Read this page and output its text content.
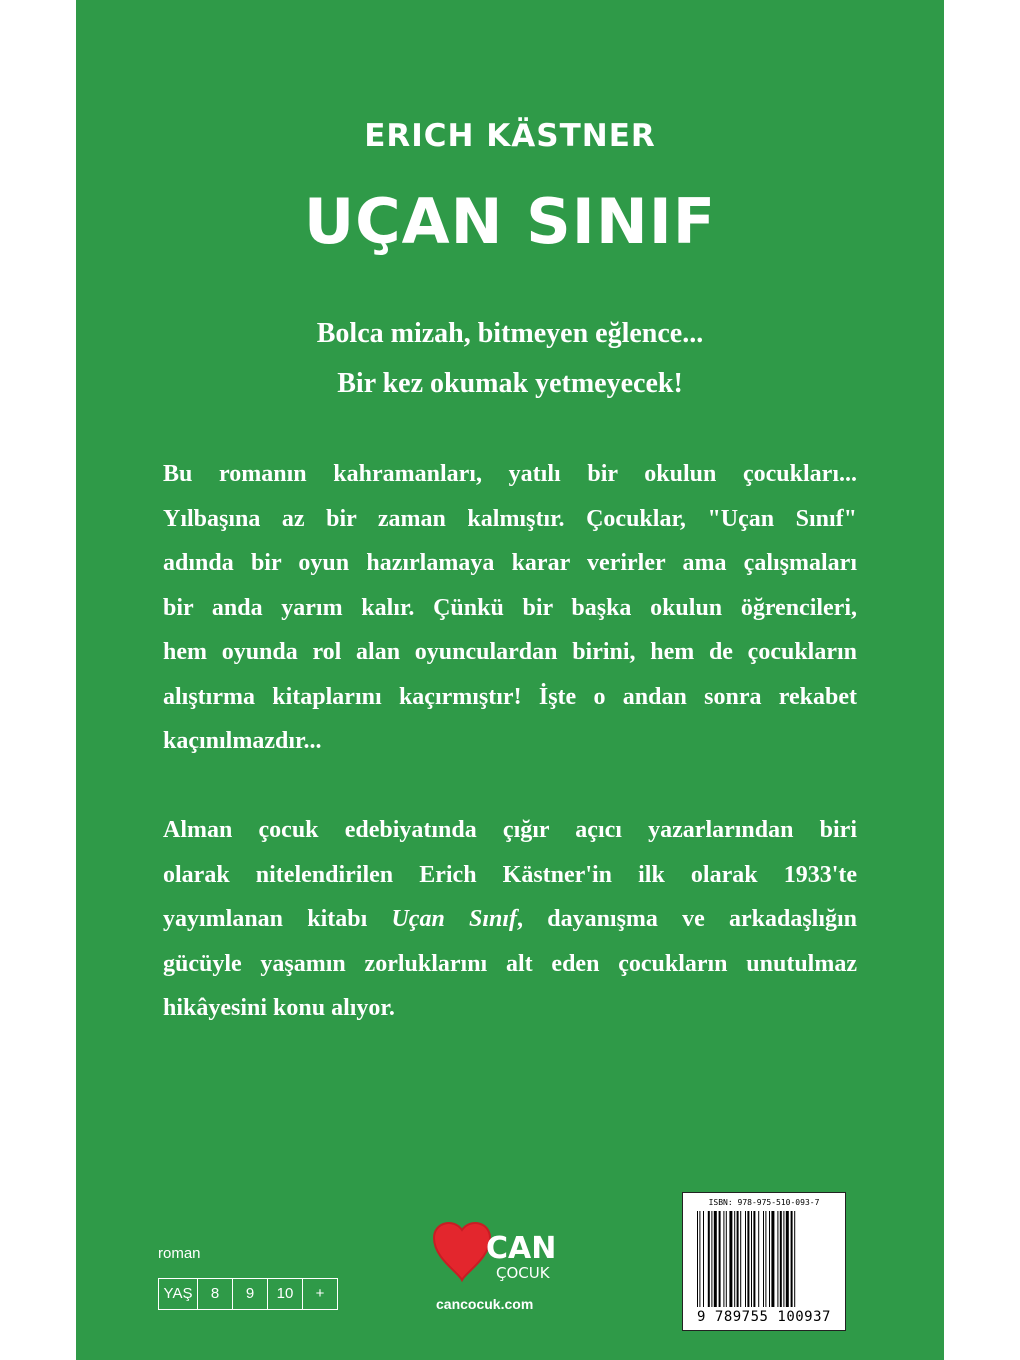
ERICH KÄSTNER
UÇAN SINIF
Bolca mizah, bitmeyen eğlence...
Bir kez okumak yetmeyecek!
Bu romanın kahramanları, yatılı bir okulun çocukları...
Yılbaşına az bir zaman kalmıştır. Çocuklar, "Uçan Sınıf"
adında bir oyun hazırlamaya karar verirler ama çalışmaları
bir anda yarım kalır. Çünkü bir başka okulun öğrencileri,
hem oyunda rol alan oyunculardan birini, hem de çocukların
alıştırma kitaplarını kaçırmıştır! İşte o andan sonra rekabet
kaçınılmazdır...
Alman çocuk edebiyatında çığır açıcı yazarlarından biri
olarak nitelendirilen Erich Kästner'in ilk olarak 1933'te
yayımlanan kitabı Uçan Sınıf, dayanışma ve arkadaşlığın
gücüyle yaşamın zorluklarını alt eden çocukların unutulmaz
hikâyesini konu alıyor.
roman
YAŞ	8	9	10	+
CAN
ÇOCUK
cancocuk.com
ISBN: 978-975-510-093-7
9 789755 100937
